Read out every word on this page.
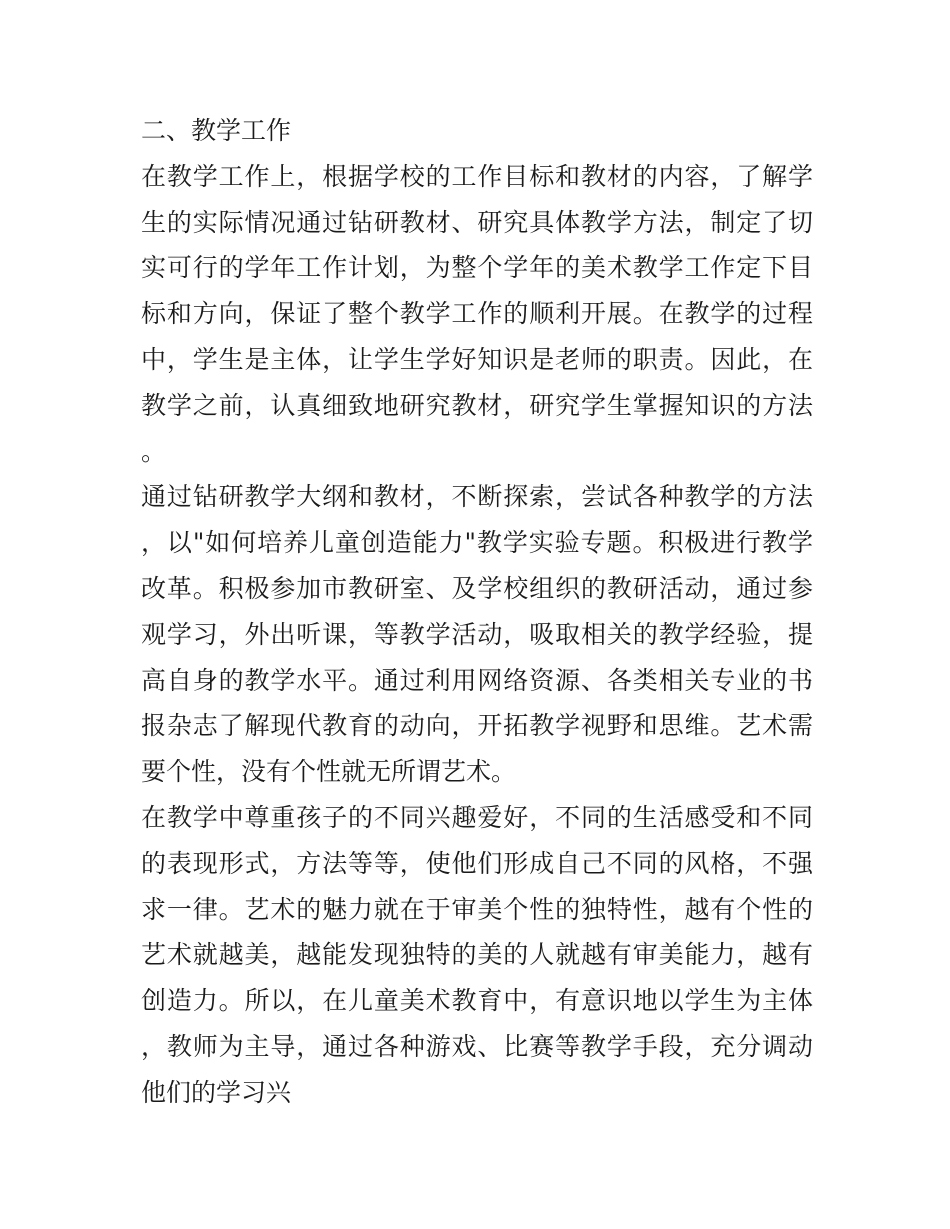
二、教学工作

在教学工作上，根据学校的工作目标和教材的内容，了解学生的实际情况通过钻研教材、研究具体教学方法，制定了切实可行的学年工作计划，为整个学年的美术教学工作定下目标和方向，保证了整个教学工作的顺利开展。在教学的过程中，学生是主体，让学生学好知识是老师的职责。因此，在教学之前，认真细致地研究教材，研究学生掌握知识的方法。

通过钻研教学大纲和教材，不断探索，尝试各种教学的方法，以"如何培养儿童创造能力"教学实验专题。积极进行教学改革。积极参加市教研室、及学校组织的教研活动，通过参观学习，外出听课，等教学活动，吸取相关的教学经验，提高自身的教学水平。通过利用网络资源、各类相关专业的书报杂志了解现代教育的动向，开拓教学视野和思维。艺术需要个性，没有个性就无所谓艺术。

在教学中尊重孩子的不同兴趣爱好，不同的生活感受和不同的表现形式，方法等等，使他们形成自己不同的风格，不强求一律。艺术的魅力就在于审美个性的独特性，越有个性的艺术就越美，越能发现独特的美的人就越有审美能力，越有创造力。所以，在儿童美术教育中，有意识地以学生为主体，教师为主导，通过各种游戏、比赛等教学手段，充分调动他们的学习兴
